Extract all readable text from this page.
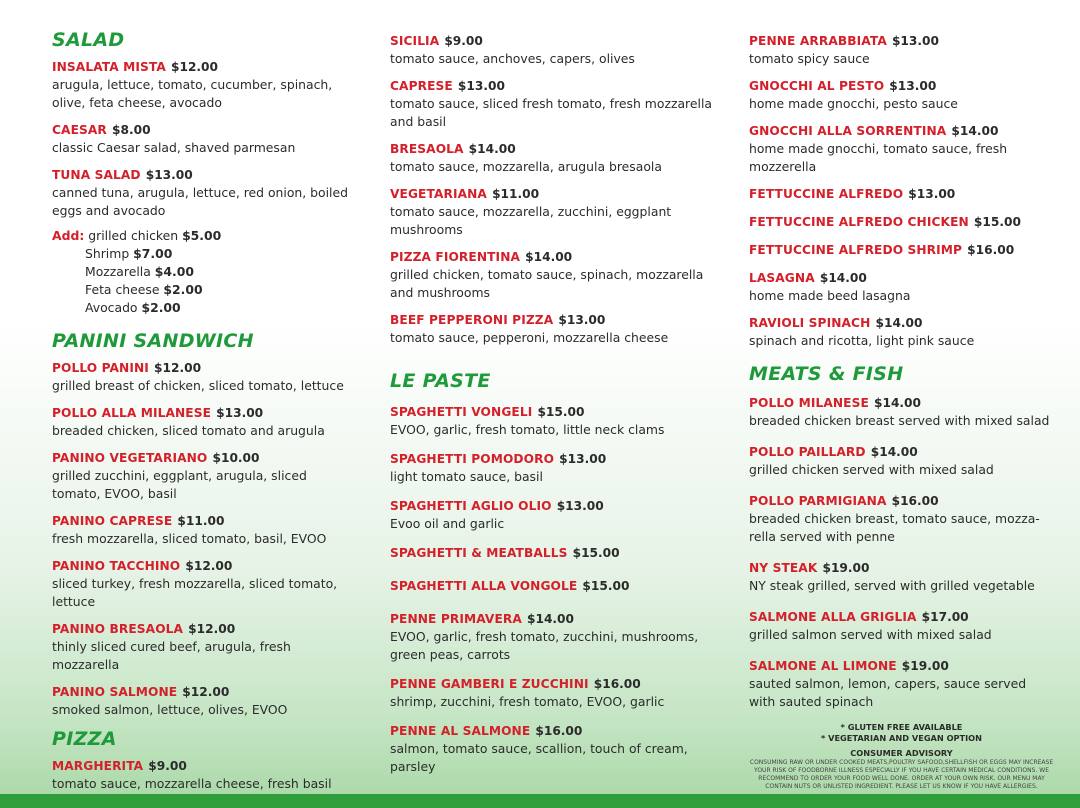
SALAD
INSALATA MISTA $12.00
arugula, lettuce, tomato, cucumber, spinach, olive, feta cheese, avocado
CAESAR $8.00
classic Caesar salad, shaved parmesan
TUNA SALAD $13.00
canned tuna, arugula, lettuce, red onion, boiled eggs and avocado
Add: grilled chicken $5.00
Shrimp $7.00
Mozzarella $4.00
Feta cheese $2.00
Avocado $2.00
PANINI SANDWICH
POLLO PANINI $12.00
grilled breast of chicken, sliced tomato, lettuce
POLLO ALLA MILANESE $13.00
breaded chicken, sliced tomato and arugula
PANINO VEGETARIANO $10.00
grilled zucchini, eggplant, arugula, sliced tomato, EVOO, basil
PANINO CAPRESE $11.00
fresh mozzarella, sliced tomato, basil, EVOO
PANINO TACCHINO $12.00
sliced turkey, fresh mozzarella, sliced tomato, lettuce
PANINO BRESAOLA $12.00
thinly sliced cured beef, arugula, fresh mozzarella
PANINO SALMONE $12.00
smoked salmon, lettuce, olives, EVOO
PIZZA
MARGHERITA $9.00
tomato sauce, mozzarella cheese, fresh basil
SICILIA $9.00
tomato sauce, anchoves, capers, olives
CAPRESE $13.00
tomato sauce, sliced fresh tomato, fresh mozzarella and basil
BRESAOLA $14.00
tomato sauce, mozzarella, arugula bresaola
VEGETARIANA $11.00
tomato sauce, mozzarella, zucchini, eggplant mushrooms
PIZZA FIORENTINA $14.00
grilled chicken, tomato sauce, spinach, mozzarella and mushrooms
BEEF PEPPERONI PIZZA $13.00
tomato sauce, pepperoni, mozzarella cheese
LE PASTE
SPAGHETTI VONGELI $15.00
EVOO, garlic, fresh tomato, little neck clams
SPAGHETTI POMODORO $13.00
light tomato sauce, basil
SPAGHETTI AGLIO OLIO $13.00
Evoo oil and garlic
SPAGHETTI & MEATBALLS $15.00
SPAGHETTI ALLA VONGOLE $15.00
PENNE PRIMAVERA $14.00
EVOO, garlic, fresh tomato, zucchini, mushrooms, green peas, carrots
PENNE GAMBERI E ZUCCHINI $16.00
shrimp, zucchini, fresh tomato, EVOO, garlic
PENNE AL SALMONE $16.00
salmon, tomato sauce, scallion, touch of cream, parsley
PENNE ARRABBIATA $13.00
tomato spicy sauce
GNOCCHI AL PESTO $13.00
home made gnocchi, pesto sauce
GNOCCHI ALLA SORRENTINA $14.00
home made gnocchi, tomato sauce, fresh mozzerella
FETTUCCINE ALFREDO $13.00
FETTUCCINE ALFREDO CHICKEN $15.00
FETTUCCINE ALFREDO SHRIMP $16.00
LASAGNA $14.00
home made beed lasagna
RAVIOLI SPINACH $14.00
spinach and ricotta, light pink sauce
MEATS & FISH
POLLO MILANESE $14.00
breaded chicken breast served with mixed salad
POLLO PAILLARD $14.00
grilled chicken served with mixed salad
POLLO PARMIGIANA $16.00
breaded chicken breast, tomato sauce, mozza-rella served with penne
NY STEAK $19.00
NY steak grilled, served with grilled vegetable
SALMONE ALLA GRIGLIA $17.00
grilled salmon served with mixed salad
SALMONE AL LIMONE $19.00
sauted salmon, lemon, capers, sauce served with sauted spinach
* GLUTEN FREE AVAILABLE
* VEGETARIAN AND VEGAN OPTION
CONSUMER ADVISORY
CONSUMING RAW OR UNDER COOKED MEATS,POULTRY SAFOOD,SHELLFISH OR EGGS MAY INCREASE YOUR RISK OF FOODBORNE ILLNESS ESPECIALLY IF YOU HAVE CERTAIN MEDICAL CONDITIONS. WE RECOMMEND TO ORDER YOUR FOOD WELL DONE. ORDER AT YOUR OWN RISK. OUR MENU MAY CONTAIN NUTS OR UNLISTED INGREDIENT. PLEASE LET US KNOW IF YOU HAVE ALLERGIES.
